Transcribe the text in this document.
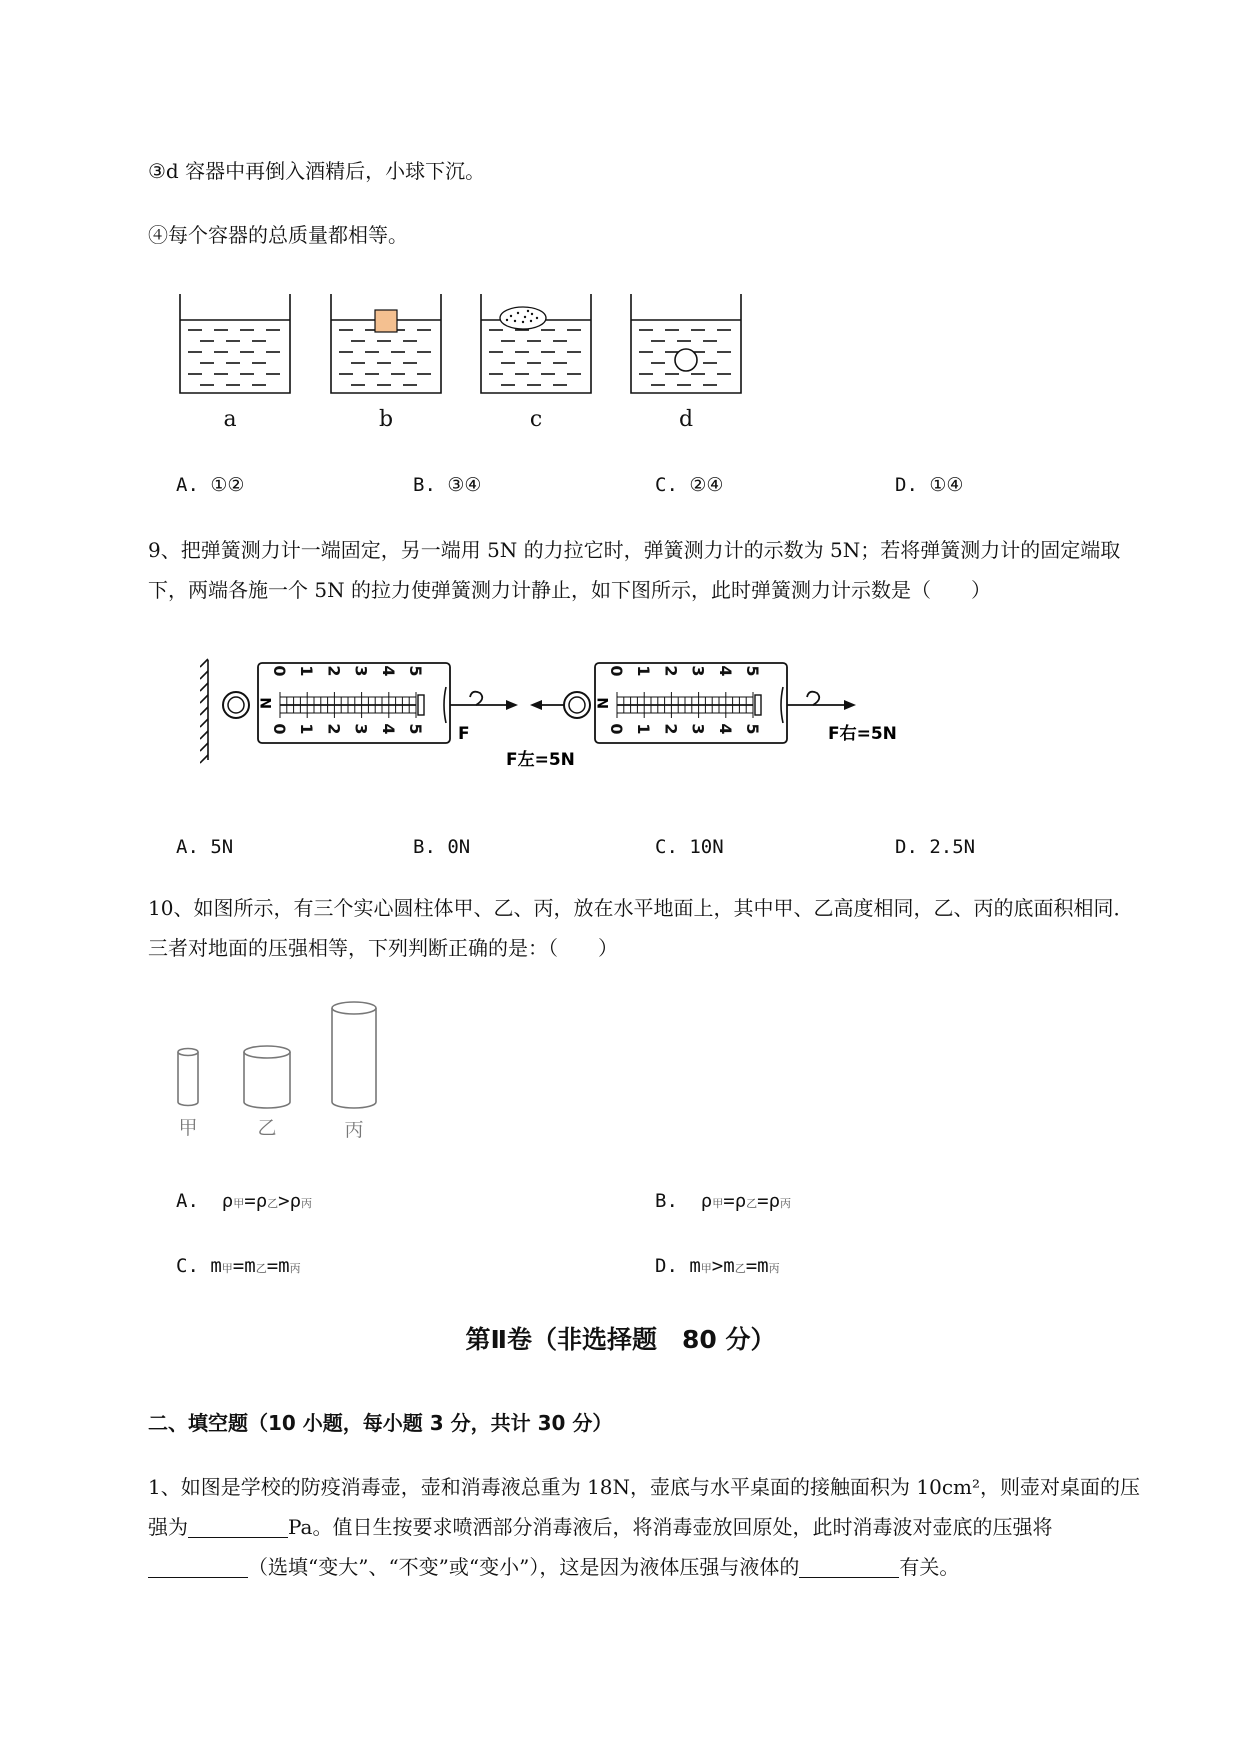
③d 容器中再倒入酒精后，小球下沉。
④每个容器的总质量都相等。
a	b	c	d
A. ①②	B. ③④	C. ②④	D. ①④
9、把弹簧测力计一端固定，另一端用 5N 的力拉它时，弹簧测力计的示数为 5N；若将弹簧测力计的固定端取下，两端各施一个 5N 的拉力使弹簧测力计静止，如下图所示，此时弹簧测力计示数是（　　）
0
0
1
1
2
2
3
3
4
4
5
5
N
F
F左=5N
0
0
1
1
2
2
3
3
4
4
5
5
N
F右=5N
A. 5N	B. 0N	C. 10N	D. 2.5N
10、如图所示，有三个实心圆柱体甲、乙、丙，放在水平地面上，其中甲、乙高度相同，乙、丙的底面积相同．三者对地面的压强相等，下列判断正确的是：（　　）
甲	乙	丙
A. ρ甲=ρ乙>ρ丙	B. ρ甲=ρ乙=ρ丙
C. m甲=m乙=m丙	D. m甲>m乙=m丙
第Ⅱ卷（非选择题　80 分）
二、填空题（10 小题，每小题 3 分，共计 30 分）
1、如图是学校的防疫消毒壶，壶和消毒液总重为 18N，壶底与水平桌面的接触面积为 10cm²，则壶对桌面的压强为	Pa。值日生按要求喷洒部分消毒液后，将消毒壶放回原处，此时消毒波对壶底的压强将（选填“变大”、“不变”或“变小”），这是因为液体压强与液体的	有关。
